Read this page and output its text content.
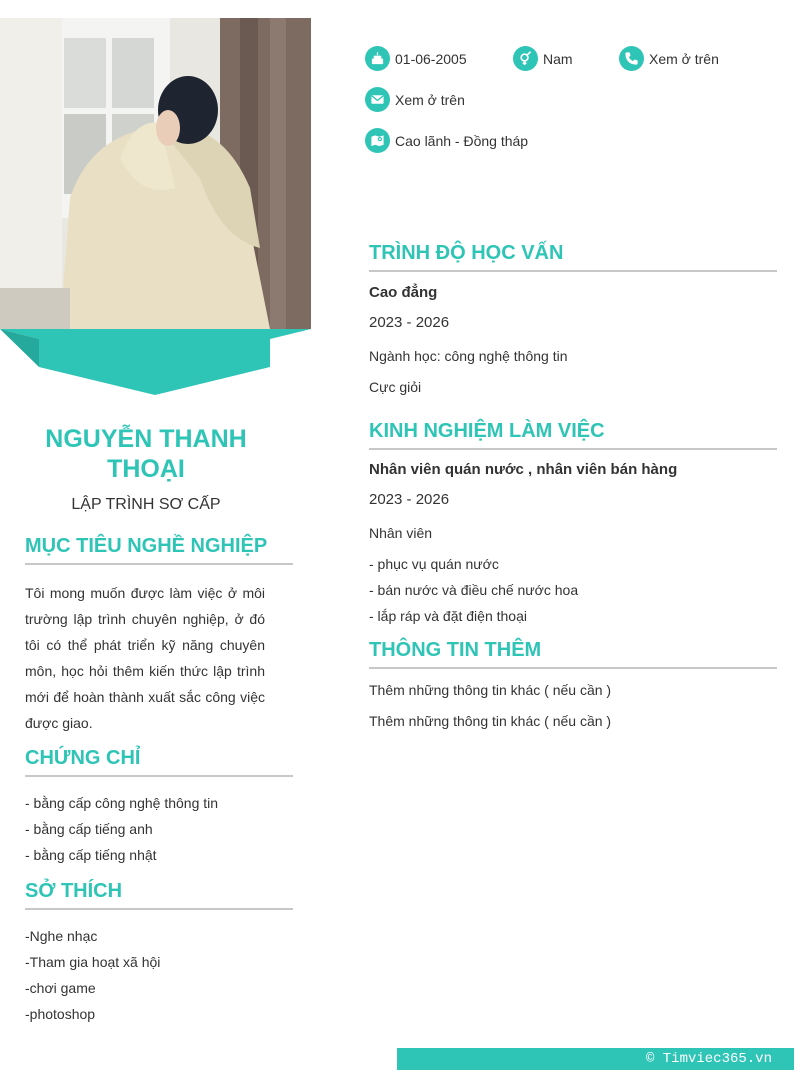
NGUYỄN THANH THOẠI
LẬP TRÌNH SƠ CẤP
MỤC TIÊU NGHỀ NGHIỆP
Tôi mong muốn được làm việc ở môi trường lập trình chuyên nghiệp, ở đó tôi có thể phát triển kỹ năng chuyên môn, học hỏi thêm kiến thức lập trình mới để hoàn thành xuất sắc công việc được giao.
CHỨNG CHỈ
- bằng cấp công nghệ thông tin
- bằng cấp tiếng anh
- bằng cấp tiếng nhật
SỞ THÍCH
-Nghe nhạc
-Tham gia hoạt xã hội
-chơi game
-photoshop
01-06-2005	Nam	Xem ở trên
Xem ở trên
Cao lãnh - Đồng tháp
TRÌNH ĐỘ HỌC VẤN
Cao đẳng
2023 - 2026
Ngành học: công nghệ thông tin
Cực giỏi
KINH NGHIỆM LÀM VIỆC
Nhân viên quán nước , nhân viên bán hàng
2023 - 2026
Nhân viên
- phục vụ quán nước
- bán nước và điều chế nước hoa
- lắp ráp và đặt điện thoại
THÔNG TIN THÊM
Thêm những thông tin khác ( nếu cần )
Thêm những thông tin khác ( nếu cần )
© Timviec365.vn
